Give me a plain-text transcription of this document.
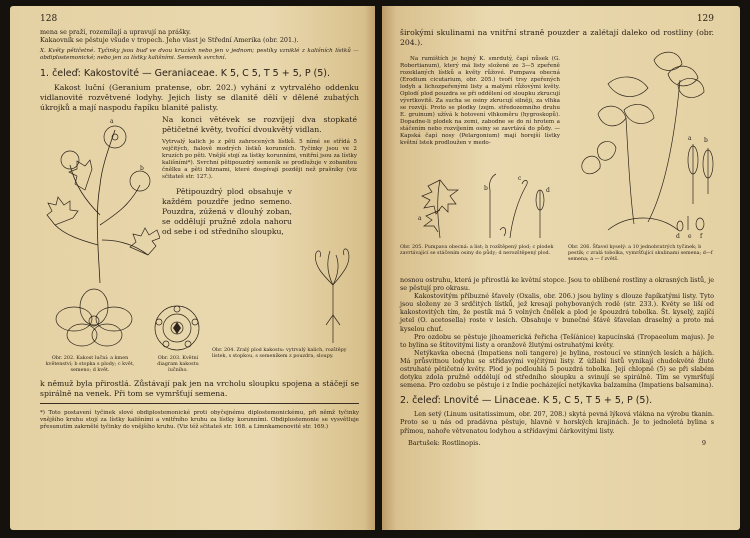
128

mena se praží, rozemílají a upravují na prášky.

Kakaovník se pěstuje všude v tropech. Jeho vlast je Střední Amerika (obr. 201.).

X. Květy pětičetné. Tyčinky jsou buď ve dvou kruzích nebo jen v jednom; pestíky vzniklé z kališních lístků — obdiplostemonické; nebo jen za lístky kališními. Semeník svrchní.

1. čeleď: Kakostovité — Geraniaceae. K 5, C 5, T 5 + 5, P (5).

Kakost luční (Geranium pratense, obr. 202.) vyhání z vytrvalého oddenku vidlanovité rozvětvené lodyhy. Jejich listy se dlanitě dělí v dělené zubatých úkrojků a mají naspodu řapíku blanité palisty.

a
b

Na konci větévek se rozvíjejí dva stopkaté pětičetné květy, tvořící dvoukvětý vidlan.

Vytrvalý kalich je z pěti zahrocených lístků. 5 nímé se střídá 5 vejčitých, fialově modrých lístků korunních. Tyčinky jsou ve 2 kruzích po pěti. Vnější stojí za lístky korunními, vnitřní jsou za lístky kališními*). Svrchní pětipouzdrý semeník se prodlužuje v zobanitou čnělku a pěti bliznami, které dospívají později než prašníky (viz sčitateš str. 127.).

Pětipouzdrý plod obsahuje v každém pouzdře jedno semeno. Pouzdra, zúžená v dlouhý zoban, se oddělují pružně zdola nahoru od sebe i od středního sloupku,

Obr. 202. Kakost luční: a kmen květenství; b stopka s plody; c květ, semeno; d květ.
Obr. 203. Květní diagram kakostu lučního.
Obr. 204. Zralý plod kakostu: vytrvalý kalich, rozštěpy lístek, s stopkou, s semeníkem z pouzdra, sloupy.

k němuž byla přirostlá. Zůstávají pak jen na vrcholu sloupku spojena a stáčejí se spirálně na venek. Při tom se vymršťují semena.

*) Toto postavení tyčinek slové obdiplostemonické proti obyčejnému diplostemonickému, při němž tyčinky vnějšího kruhu stojí za lístky kališními a vnitřního kruhu za lístky korunními. Obdiplostemonie se vysvětluje přesunutím zakrnělé tyčinky do vnějšího kruhu. (Viz též sčitateš str. 168. a Limnkamenovité str. 169.)

129

širokými skulinami na vnitřní straně pouzder a zalétají daleko od rostliny (obr. 204.).

Na rumištích je hojný K. smrdutý, čapí nůsek (G. Robertianum), který má listy složené ze 3—5 zpeřeně rozeklaných lístků a květy růžové. Pumpava obecná (Erodium cicutarium, obr. 205.) tvoří trsy zpeřených lodyh a lichozpeřenými listy a malými růžovými květy. Oplodí plod pouzdra se při oddělení od sloupku zkrucují vývrtkovitě. Za sucha se osiny zkrucují silněji, za vlhka se rozvíjí. Proto se plodky (zejm. středozemního druhu E. gruinum) užívá k hotovení vlhkoměru (hygroskopů). Dopadne-li plodek na zemi, zabodne se do ní hrotem a stáčením nebo rozvíjením osiny se zavrtává do půdy. — Kapská čapí nosy (Pelargonium) mají horejší lístky květní lstek prodloužen v medo-

a
b
c
d
a b
d e f
Obr. 205. Pumpava obecná: a list; b rozštěpený plod; c plodek zavrtávající se stáčením osiny do půdy; d nerozštěpený plod.
Obr. 206. Šťavel kyselý: a 10 jednobratrých tyčinek; b pestík; c zralá tobolka, vymršťující skulinami semena; d—f semena; a — f zvětš.

nosnou ostruhu, která je přirostlá ke květní stopce. Jsou to oblíbené rostliny a okrasných listů, je se pěstují pro okrasu.

Kakostovitým příbuzné šťavely (Oxalis, obr. 206.) jsou byliny s dlouze řapíkatými listy. Tyto jsou složeny ze 3 srdčitých lístků, jež kresají pohybovaných rodě (str. 233.). Květy se liší od kakostovitých tím, že pestík má 5 volných čnělek a plod je špouzdrá tobolka. Št. kyselý, zajíčí jetel (O. acetosella) roste v lesích. Obsahuje v bunečné šťávě šťavelan draselný a proto má kyselou chuť.

Pro ozdobu se pěstuje jihoamerická řeřicha (Tešíánice) kapucínská (Tropaeolum majus). Je to bylina se štítovitými listy a oranžově žlutými ostruhatými květy.

Netýkavka obecná (Impatiens noli tangere) je bylina, rostoucí ve stinných lesích a hájích. Má průsvitnou lodyhu se střídavými vejčitými listy. Z úžlabí listů vynikají chudokvěté žluté ostruhaté pětičetné květy. Plod je podlouhlá 5 pouzdrá tobolka. Její chlopně (5) se při slabém dotyku zdola pružně oddělují od středního sloupku a svinují se spirálně. Tím se vymršťují semena. Pro ozdobu se pěstuje i z Indie pocházející netýkavka balzamína (Impatiens balsamina).

2. čeleď: Lnovité — Linaceae. K 5, C 5, T 5 + 5, P (5).

Len setý (Linum usitatissimum, obr. 207, 208.) skytá pevná lýková vlákna na výrobu tkanin. Proto se u nás od pradávna pěstuje, hlavně v horských krajinách. Je to jednoletá bylina s přímou, nahoře větvenatou lodyhou a střídavými čárkovitými listy.

Bartušek: Rostlinopis.	9
